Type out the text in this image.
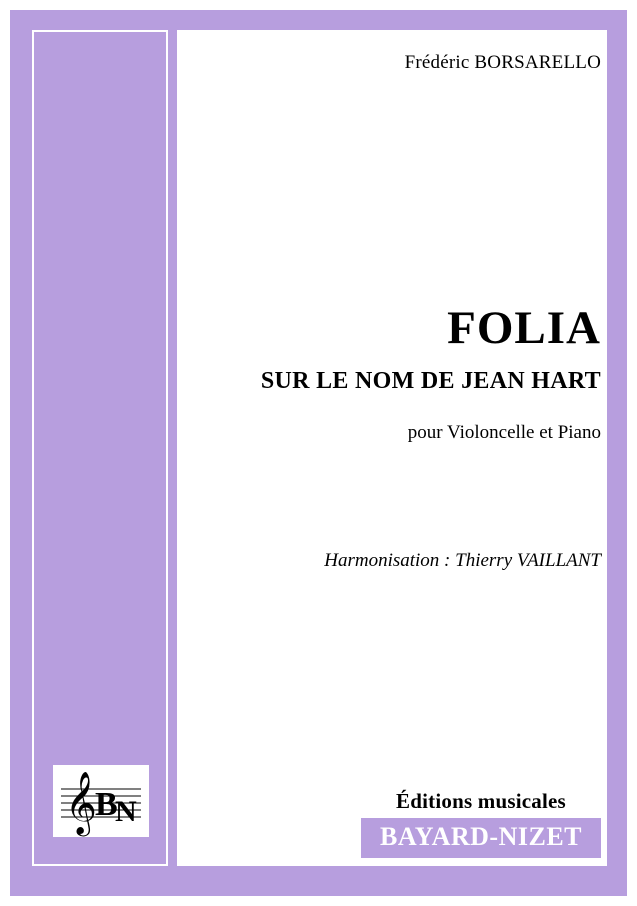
𝄞
B
N
Frédéric BORSARELLO
FOLIA
SUR LE NOM DE JEAN HART
pour Violoncelle et Piano
Harmonisation : Thierry VAILLANT
Éditions musicales
BAYARD-NIZET
